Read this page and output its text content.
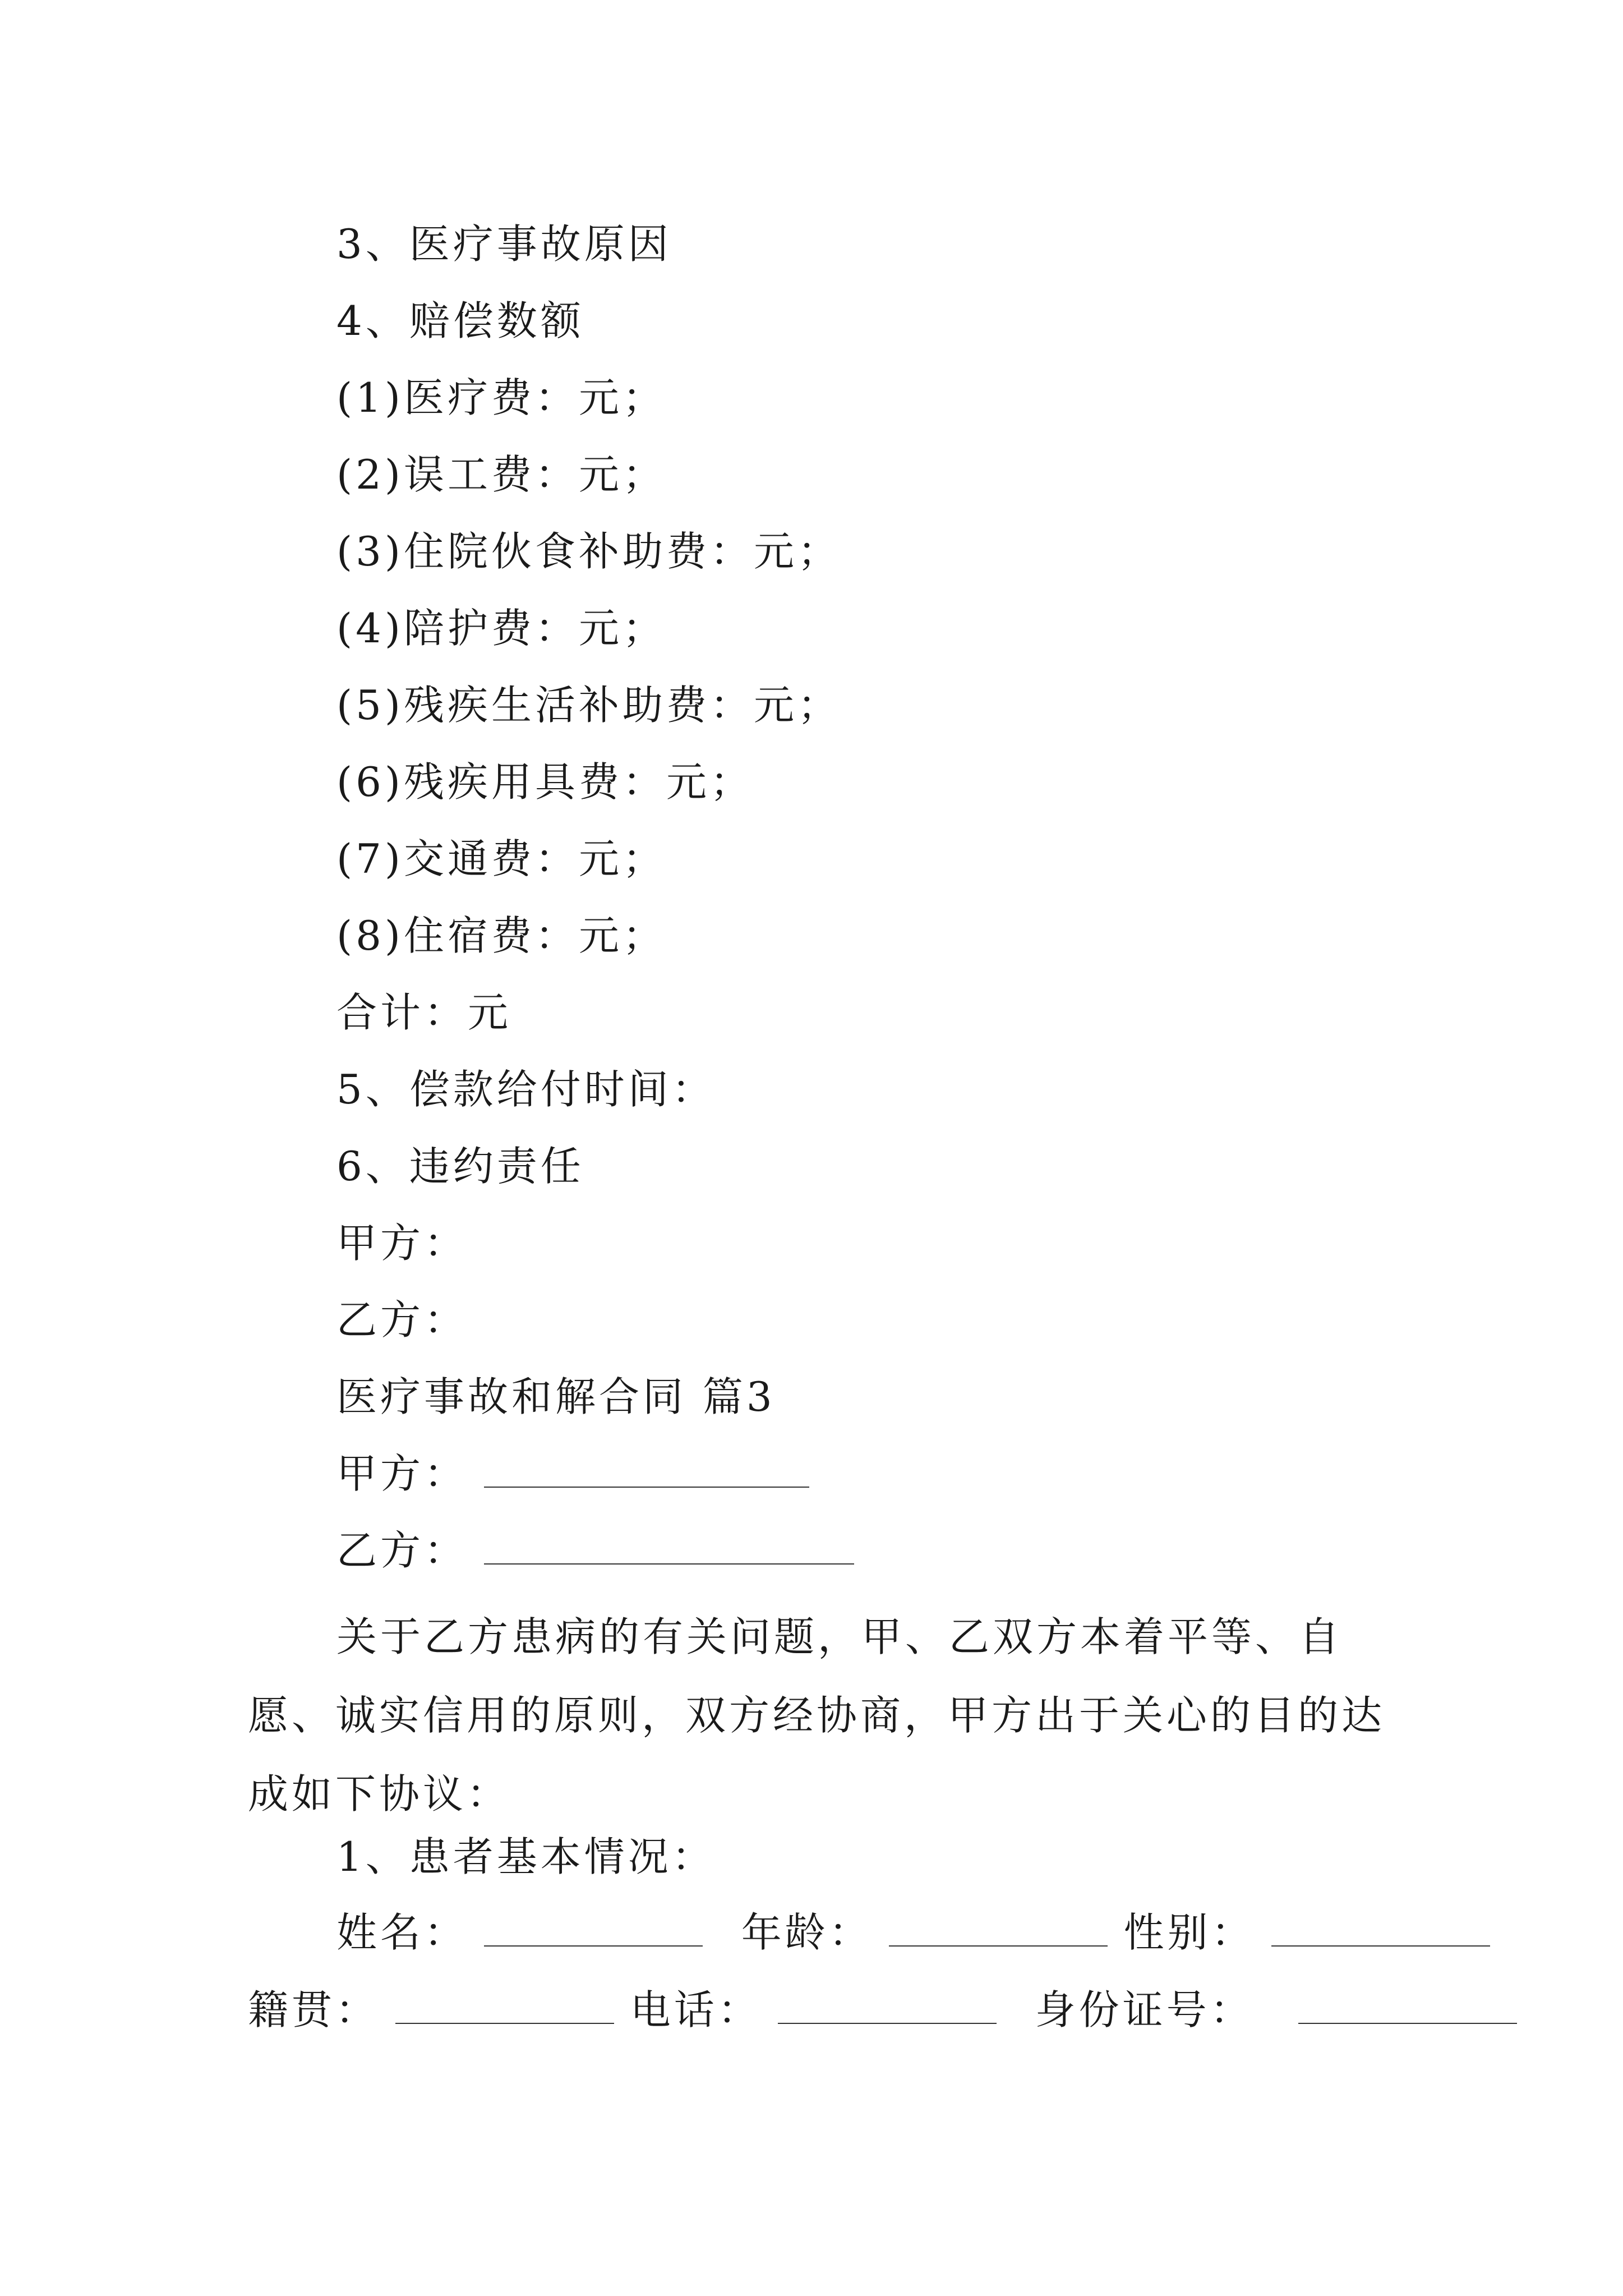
3、医疗事故原因
4、赔偿数额
(1)医疗费：元；
(2)误工费：元；
(3)住院伙食补助费：元；
(4)陪护费：元；
(5)残疾生活补助费：元；
(6)残疾用具费：元；
(7)交通费：元；
(8)住宿费：元；
合计：元
5、偿款给付时间：
6、违约责任
甲方：
乙方：
医疗事故和解合同 篇3
甲方：
乙方：
关于乙方患病的有关问题，甲、乙双方本着平等、自愿、诚实信用的原则，双方经协商，甲方出于关心的目的达成如下协议：
1、患者基本情况：
姓名：	年龄：	性别：
籍贯：	电话：	身份证号：
